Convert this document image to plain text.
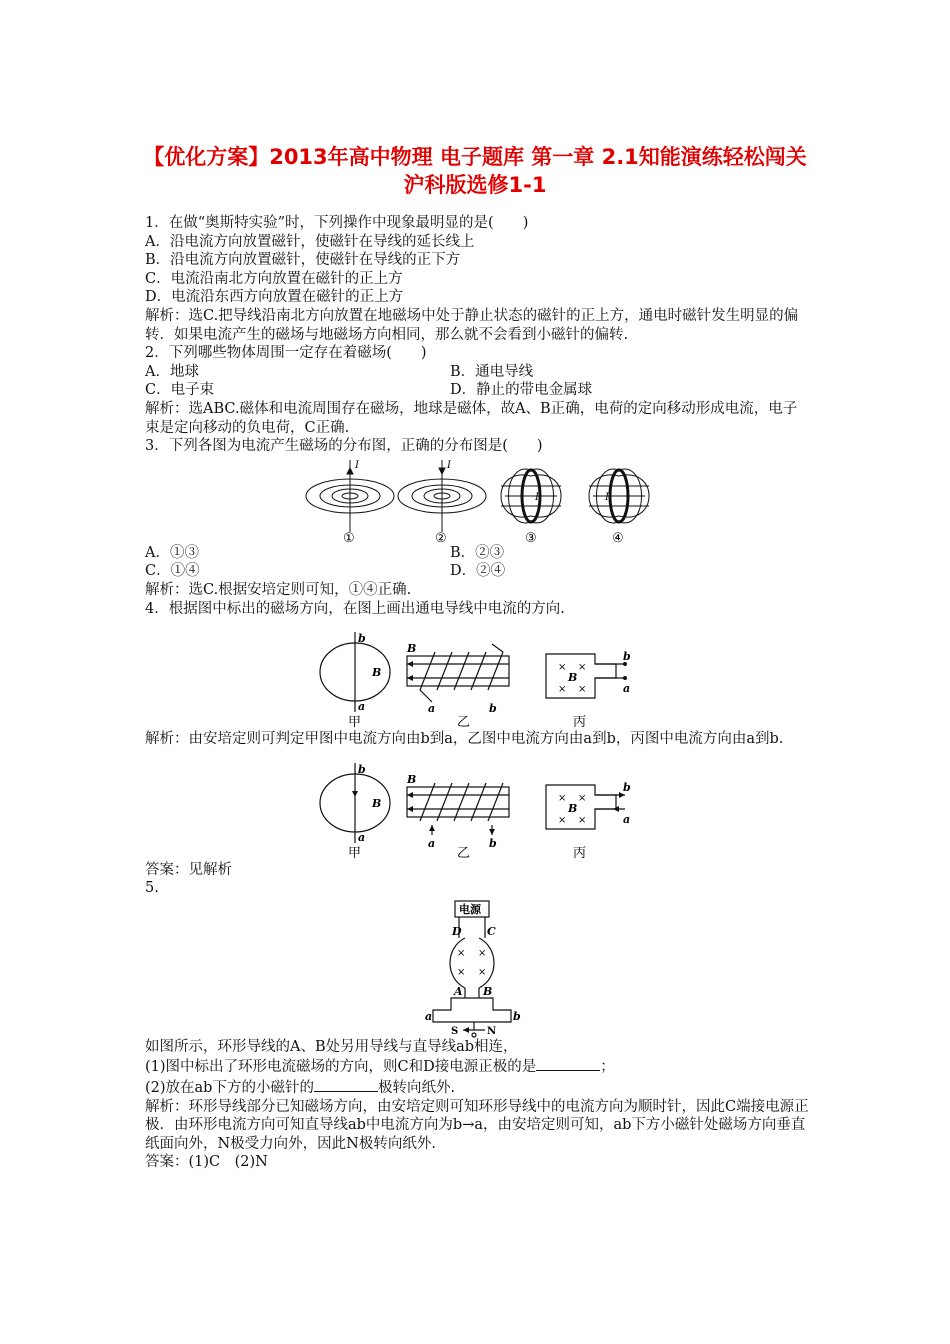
【优化方案】2013年高中物理 电子题库 第一章 2.1知能演练轻松闯关
沪科版选修1-1
1．在做“奥斯特实验”时，下列操作中现象最明显的是(　　)
A．沿电流方向放置磁针，使磁针在导线的延长线上
B．沿电流方向放置磁针，使磁针在导线的正下方
C．电流沿南北方向放置在磁针的正上方
D．电流沿东西方向放置在磁针的正上方
解析：选C.把导线沿南北方向放置在地磁场中处于静止状态的磁针的正上方，通电时磁针发生明显的偏转．如果电流产生的磁场与地磁场方向相同，那么就不会看到小磁针的偏转.
2．下列哪些物体周围一定存在着磁场(　　)
A．地球	B．通电导线
C．电子束	D．静止的带电金属球
解析：选ABC.磁体和电流周围存在磁场，地球是磁体，故A、B正确，电荷的定向移动形成电流，电子束是定向移动的负电荷，C正确.
3．下列各图为电流产生磁场的分布图，正确的分布图是(　　)
I	I
I	I
①	②	③	④
A．①③	B．②③
C．①④	D．②④
解析：选C.根据安培定则可知，①④正确.
4．根据图中标出的磁场方向，在图上画出通电导线中电流的方向.
b
a
B
B
a	b
× ×
× ×
B
b
a
甲	乙	丙
解析：由安培定则可判定甲图中电流方向由b到a，乙图中电流方向由a到b，丙图中电流方向由a到b.
b
a
B
B
a	b
× ×
× ×
B
b
a
甲	乙	丙
答案：见解析
5.
电源
D C
× ×
× ×
A B
a	b
S	N
如图所示，环形导线的A、B处另用导线与直导线ab相连，
(1)图中标出了环形电流磁场的方向，则C和D接电源正极的是	；
(2)放在ab下方的小磁针的	极转向纸外.
解析：环形导线部分已知磁场方向，由安培定则可知环形导线中的电流方向为顺时针，因此C端接电源正极．由环形电流方向可知直导线ab中电流方向为b→a，由安培定则可知，ab下方小磁针处磁场方向垂直纸面向外，N极受力向外，因此N极转向纸外.
答案：(1)C　(2)N
